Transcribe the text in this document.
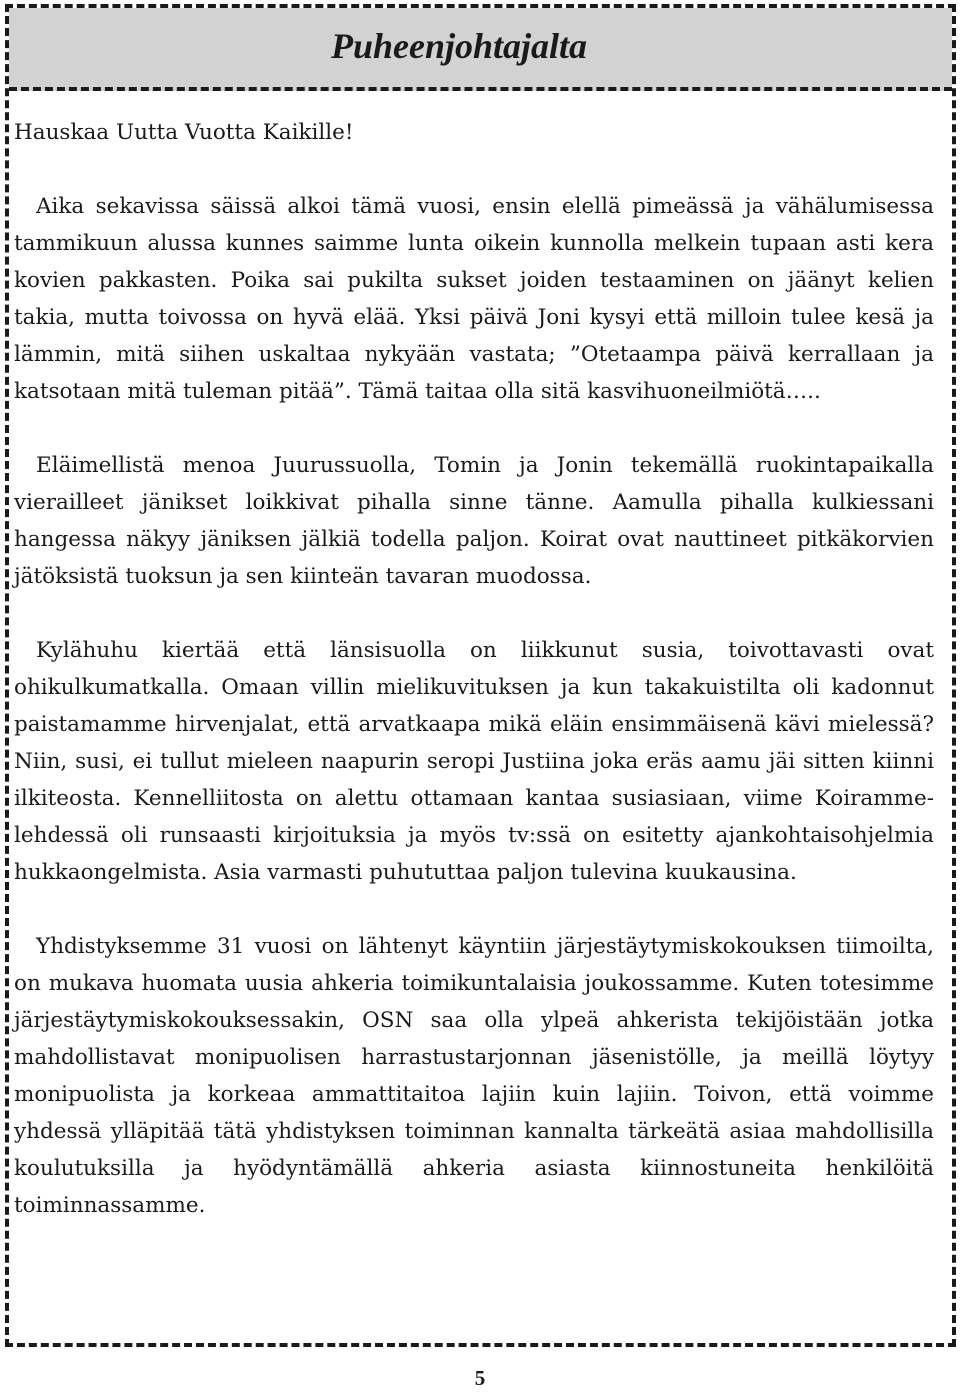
Puheenjohtajalta

Hauskaa Uutta Vuotta Kaikille!

Aika sekavissa säissä alkoi tämä vuosi, ensin elellä pimeässä ja vähälumisessa tammikuun alussa kunnes saimme lunta oikein kunnolla melkein tupaan asti kera kovien pakkasten. Poika sai pukilta sukset joiden testaaminen on jäänyt kelien takia, mutta toivossa on hyvä elää. Yksi päivä Joni kysyi että milloin tulee kesä ja lämmin, mitä siihen uskaltaa nykyään vastata; ”Otetaampa päivä kerrallaan ja katsotaan mitä tuleman pitää”. Tämä taitaa olla sitä kasvihuoneilmiötä…..

Eläimellistä menoa Juurussuolla, Tomin ja Jonin tekemällä ruokintapaikalla vierailleet jänikset loikkivat pihalla sinne tänne. Aamulla pihalla kulkiessani hangessa näkyy jäniksen jälkiä todella paljon. Koirat ovat nauttineet pitkäkorvien jätöksistä tuoksun ja sen kiinteän tavaran muodossa.

Kylähuhu kiertää että länsisuolla on liikkunut susia, toivottavasti ovat ohikulkumatkalla. Omaan villin mielikuvituksen ja kun takakuistilta oli kadonnut paistamamme hirvenjalat, että arvatkaapa mikä eläin ensimmäisenä kävi mielessä? Niin, susi, ei tullut mieleen naapurin seropi Justiina joka eräs aamu jäi sitten kiinni ilkiteosta. Kennelliitosta on alettu ottamaan kantaa susiasiaan, viime Koiramme-lehdessä oli runsaasti kirjoituksia ja myös tv:ssä on esitetty ajankohtaisohjelmia hukkaongelmista. Asia varmasti puhututtaa paljon tulevina kuukausina.

Yhdistyksemme 31 vuosi on lähtenyt käyntiin järjestäytymiskokouksen tiimoilta, on mukava huomata uusia ahkeria toimikuntalaisia joukossamme. Kuten totesimme järjestäytymiskokouksessakin, OSN saa olla ylpeä ahkerista tekijöistään jotka mahdollistavat monipuolisen harrastustarjonnan jäsenistölle, ja meillä löytyy monipuolista ja korkeaa ammattitaitoa lajiin kuin lajiin. Toivon, että voimme yhdessä ylläpitää tätä yhdistyksen toiminnan kannalta tärkeätä asiaa mahdollisilla koulutuksilla ja hyödyntämällä ahkeria asiasta kiinnostuneita henkilöitä toiminnassamme.

5
